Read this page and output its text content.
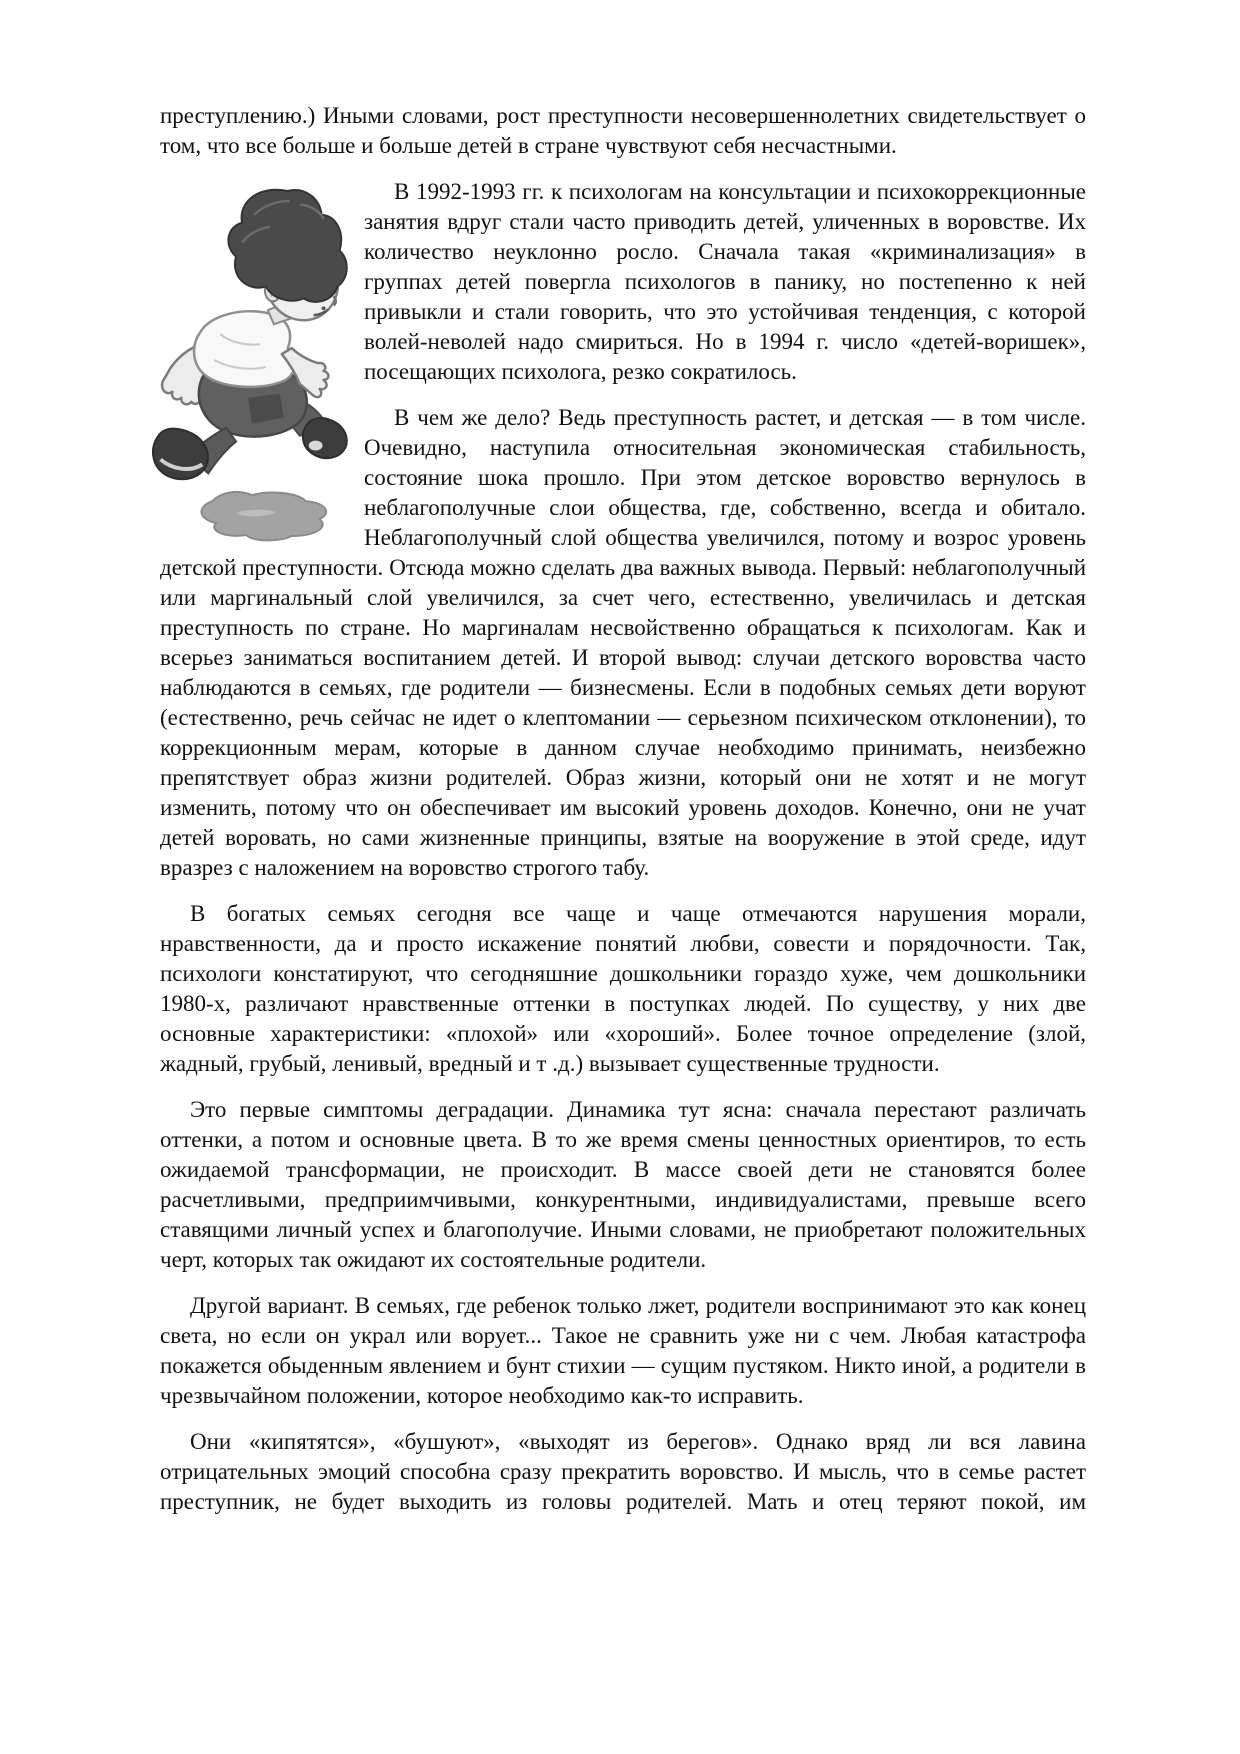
преступлению.) Иными словами, рост преступности несовершеннолетних свидетельствует о том, что все больше и больше детей в стране чувствуют себя несчастными.

В 1992-1993 гг. к психологам на консультации и психокоррекционные занятия вдруг стали часто приводить детей, уличенных в воровстве. Их количество неуклонно росло. Сначала такая «криминализация» в группах детей повергла психологов в панику, но постепенно к ней привыкли и стали говорить, что это устойчивая тенденция, с которой волей-неволей надо смириться. Но в 1994 г. число «детей-воришек», посещающих психолога, резко сократилось.

В чем же дело? Ведь преступность растет, и детская — в том числе. Очевидно, наступила относительная экономическая стабильность, состояние шока прошло. При этом детское воровство вернулось в неблагополучные слои общества, где, собственно, всегда и обитало. Неблагополучный слой общества увеличился, потому и возрос уровень детской преступности. Отсюда можно сделать два важных вывода. Первый: неблагополучный или маргинальный слой увеличился, за счет чего, естественно, увеличилась и детская преступность по стране. Но маргиналам несвойственно обращаться к психологам. Как и всерьез заниматься воспитанием детей. И второй вывод: случаи детского воровства часто наблюдаются в семьях, где родители — бизнесмены. Если в подобных семьях дети воруют (естественно, речь сейчас не идет о клептомании — серьезном психическом отклонении), то коррекционным мерам, которые в данном случае необходимо принимать, неизбежно препятствует образ жизни родителей. Образ жизни, который они не хотят и не могут изменить, потому что он обеспечивает им высокий уровень доходов. Конечно, они не учат детей воровать, но сами жизненные принципы, взятые на вооружение в этой среде, идут вразрез с наложением на воровство строгого табу.

В богатых семьях сегодня все чаще и чаще отмечаются нарушения морали, нравственности, да и просто искажение понятий любви, совести и порядочности. Так, психологи констатируют, что сегодняшние дошкольники гораздо хуже, чем дошкольники 1980-х, различают нравственные оттенки в поступках людей. По существу, у них две основные характеристики: «плохой» или «хороший». Более точное определение (злой, жадный, грубый, ленивый, вредный и т .д.) вызывает существенные трудности.

Это первые симптомы деградации. Динамика тут ясна: сначала перестают различать оттенки, а потом и основные цвета. В то же время смены ценностных ориентиров, то есть ожидаемой трансформации, не происходит. В массе своей дети не становятся более расчетливыми, предприимчивыми, конкурентными, индивидуалистами, превыше всего ставящими личный успех и благополучие. Иными словами, не приобретают положительных черт, которых так ожидают их состоятельные родители.

Другой вариант. В семьях, где ребенок только лжет, родители воспринимают это как конец света, но если он украл или ворует... Такое не сравнить уже ни с чем. Любая катастрофа покажется обыденным явлением и бунт стихии — сущим пустяком. Никто иной, а родители в чрезвычайном положении, которое необходимо как-то исправить.

Они «кипятятся», «бушуют», «выходят из берегов». Однако вряд ли вся лавина отрицательных эмоций способна сразу прекратить воровство. И мысль, что в семье растет преступник, не будет выходить из головы родителей. Мать и отец теряют покой, им
